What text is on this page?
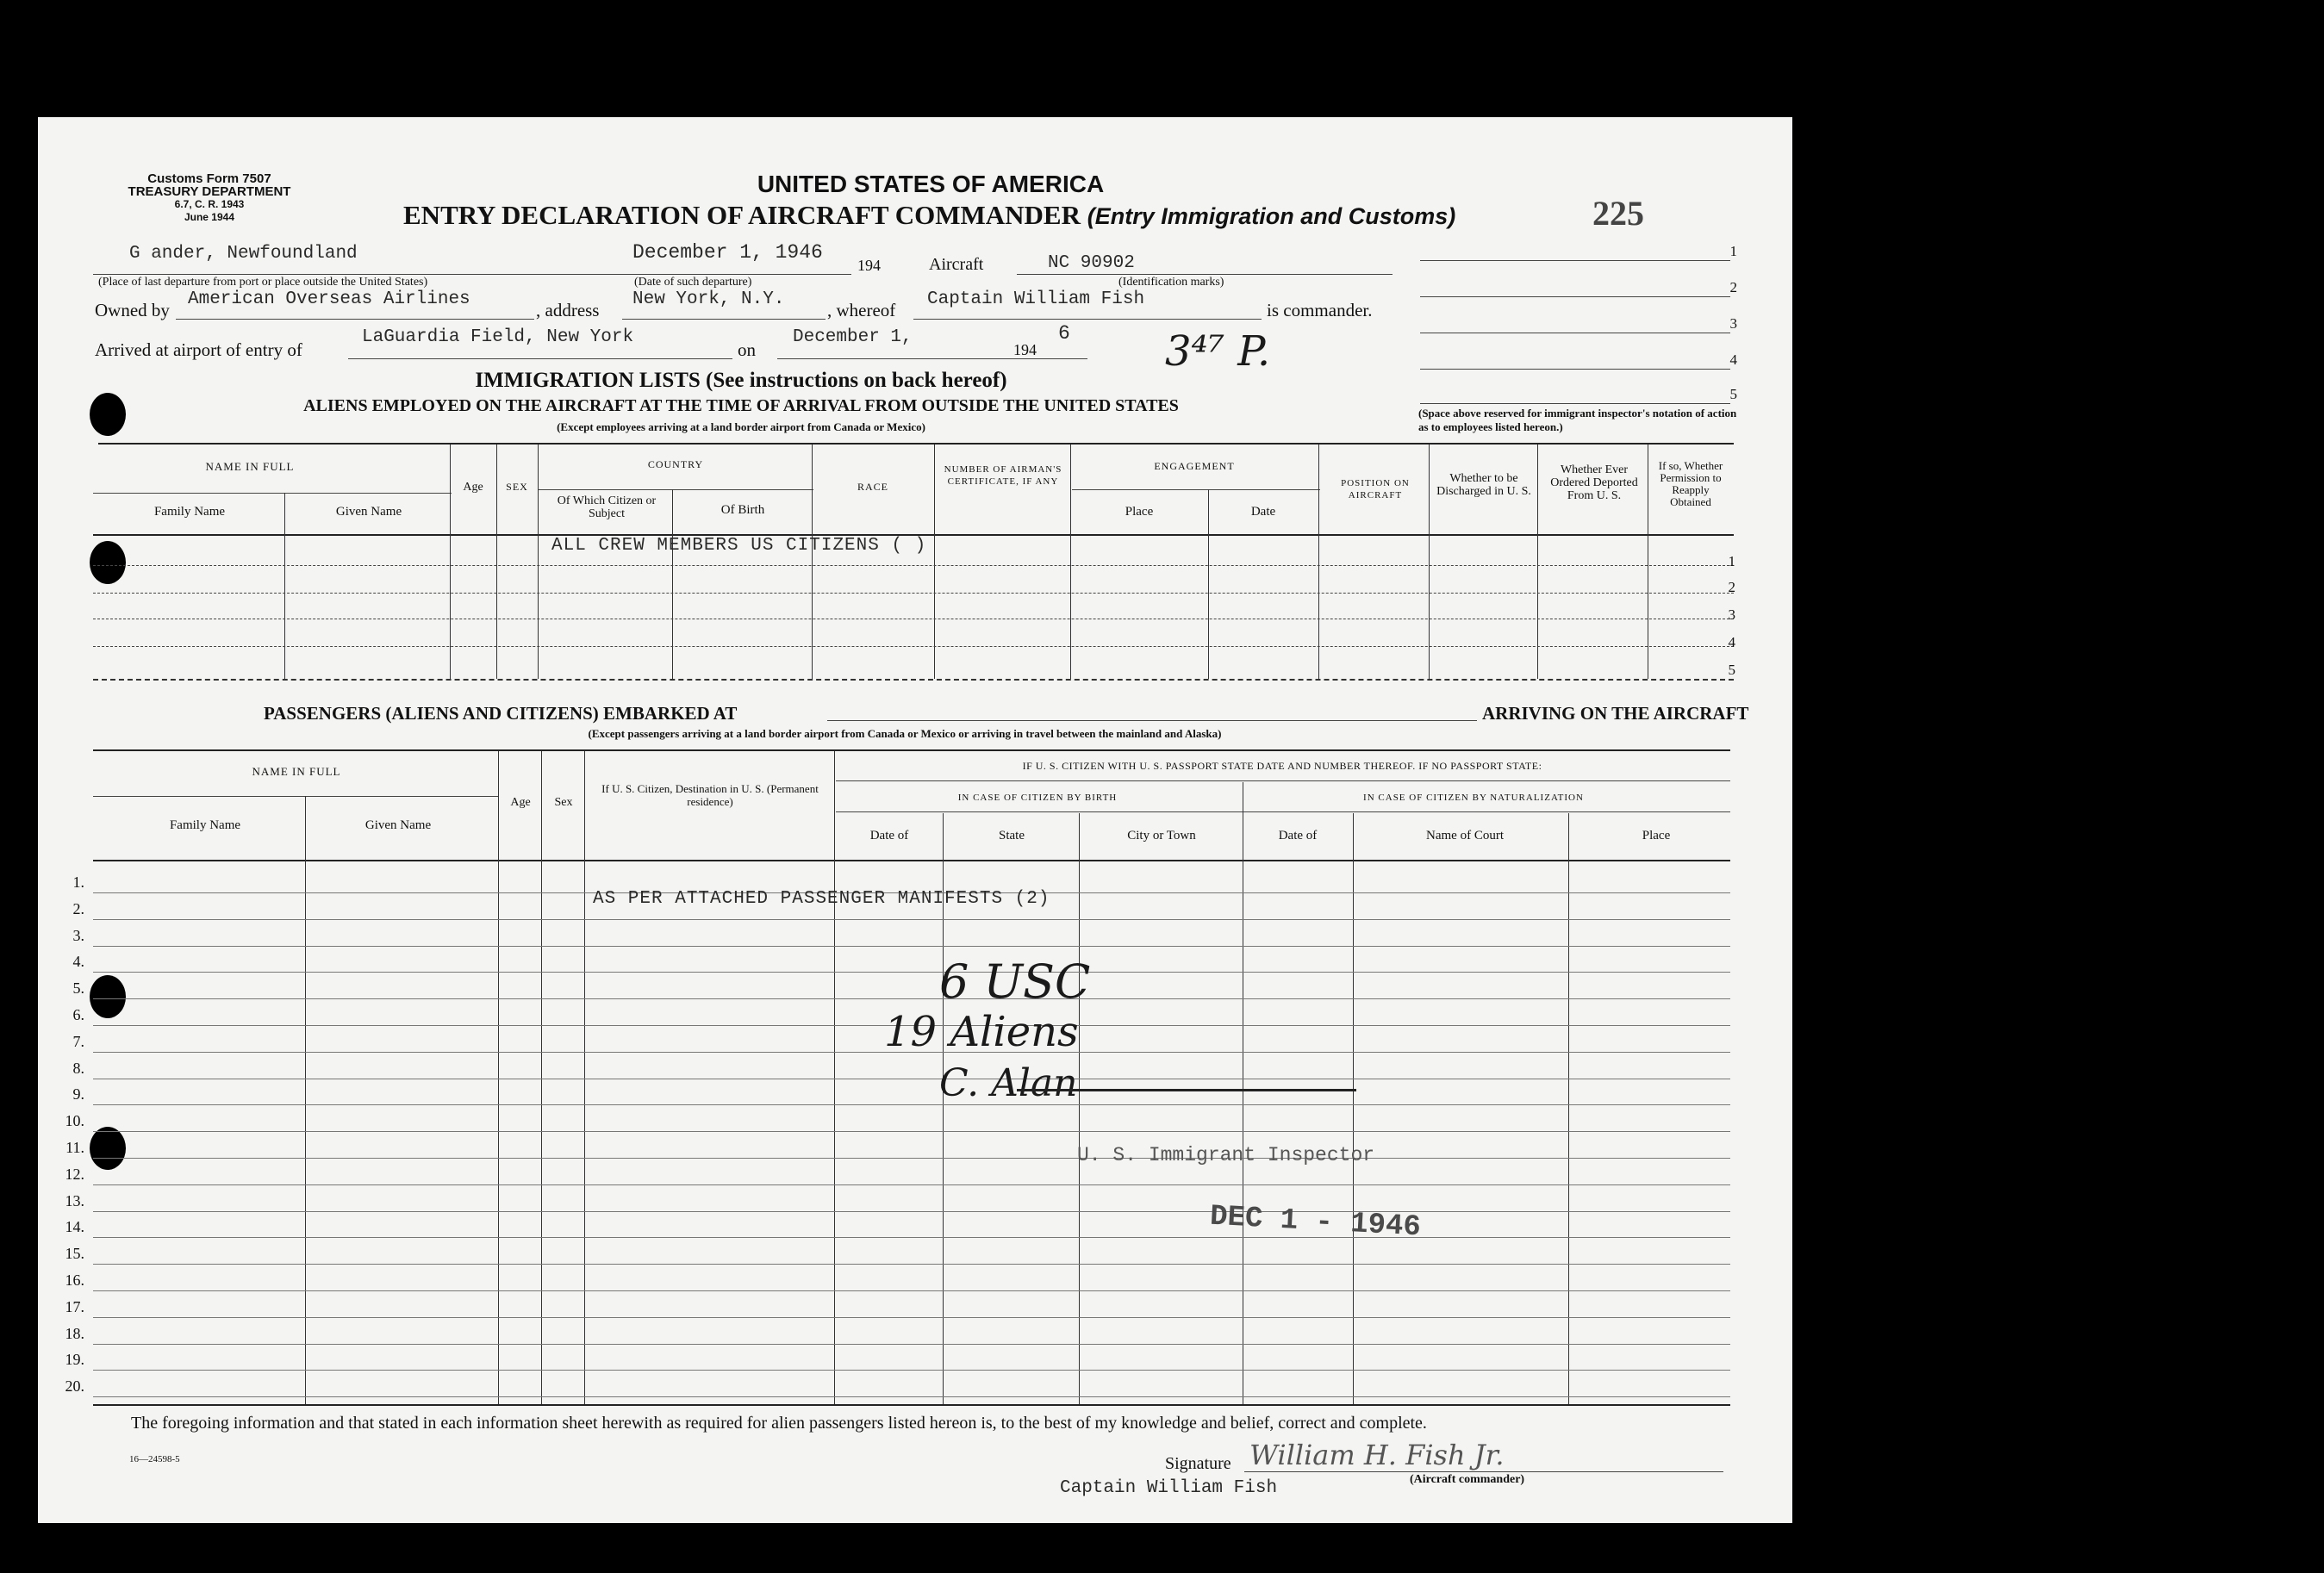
Customs Form 7507
TREASURY DEPARTMENT
6.7, C. R. 1943
June 1944
UNITED STATES OF AMERICA
ENTRY DECLARATION OF AIRCRAFT COMMANDER (Entry Immigration and Customs)	225
G ander, Newfoundland	December 1, 1946
194	Aircraft	NC 90902
(Place of last departure from port or place outside the United States)	(Date of such departure)	(Identification marks)
Owned by
American Overseas Airlines
, address
New York, N.Y.
, whereof
Captain William Fish
is commander.
Arrived at airport of entry of
LaGuardia Field, New York
on
December 1,
194
6 3⁴⁷ P.
1
2
3
4
5
(Space above reserved for immigrant inspector's notation of action as to employees listed hereon.)
IMMIGRATION LISTS (See instructions on back hereof)
ALIENS EMPLOYED ON THE AIRCRAFT AT THE TIME OF ARRIVAL FROM OUTSIDE THE UNITED STATES
(Except employees arriving at a land border airport from Canada or Mexico)
NAME IN FULL
Family Name	Given Name
Age SEX
COUNTRY
Of Which Citizen or Subject	Of Birth
RACE
NUMBER OF AIRMAN'S CERTIFICATE, IF ANY
ENGAGEMENT
Place	Date
POSITION ON AIRCRAFT
Whether to be Discharged in U. S.
Whether Ever Ordered Deported From U. S.
If so, Whether Permission to Reapply Obtained
ALL CREW MEMBERS US CITIZENS ( )
1
2
3
4
5
PASSENGERS (ALIENS AND CITIZENS) EMBARKED AT	ARRIVING ON THE AIRCRAFT
(Except passengers arriving at a land border airport from Canada or Mexico or arriving in travel between the mainland and Alaska)
NAME IN FULL
Family Name	Given Name
Age Sex
If U. S. Citizen, Destination in U. S. (Permanent residence)
IF U. S. CITIZEN WITH U. S. PASSPORT STATE DATE AND NUMBER THEREOF. IF NO PASSPORT STATE:
IN CASE OF CITIZEN BY BIRTH	IN CASE OF CITIZEN BY NATURALIZATION
Date of	State	City or Town	Date of	Name of Court	Place
1.
2.
3.
4.
5.
6.
7.
8.
9.
10.
11.
12.
13.
14.
15.
16.
17.
18.
19.
20.
AS PER ATTACHED PASSENGER MANIFESTS (2)
6 USC
19 Aliens
C. Alan
U. S. Immigrant Inspector
DEC 1 - 1946
The foregoing information and that stated in each information sheet herewith as required for alien passengers listed hereon is, to the best of my knowledge and belief, correct and complete.
16—24598-5	Signature William H. Fish Jr.
(Aircraft commander)
Captain William Fish
